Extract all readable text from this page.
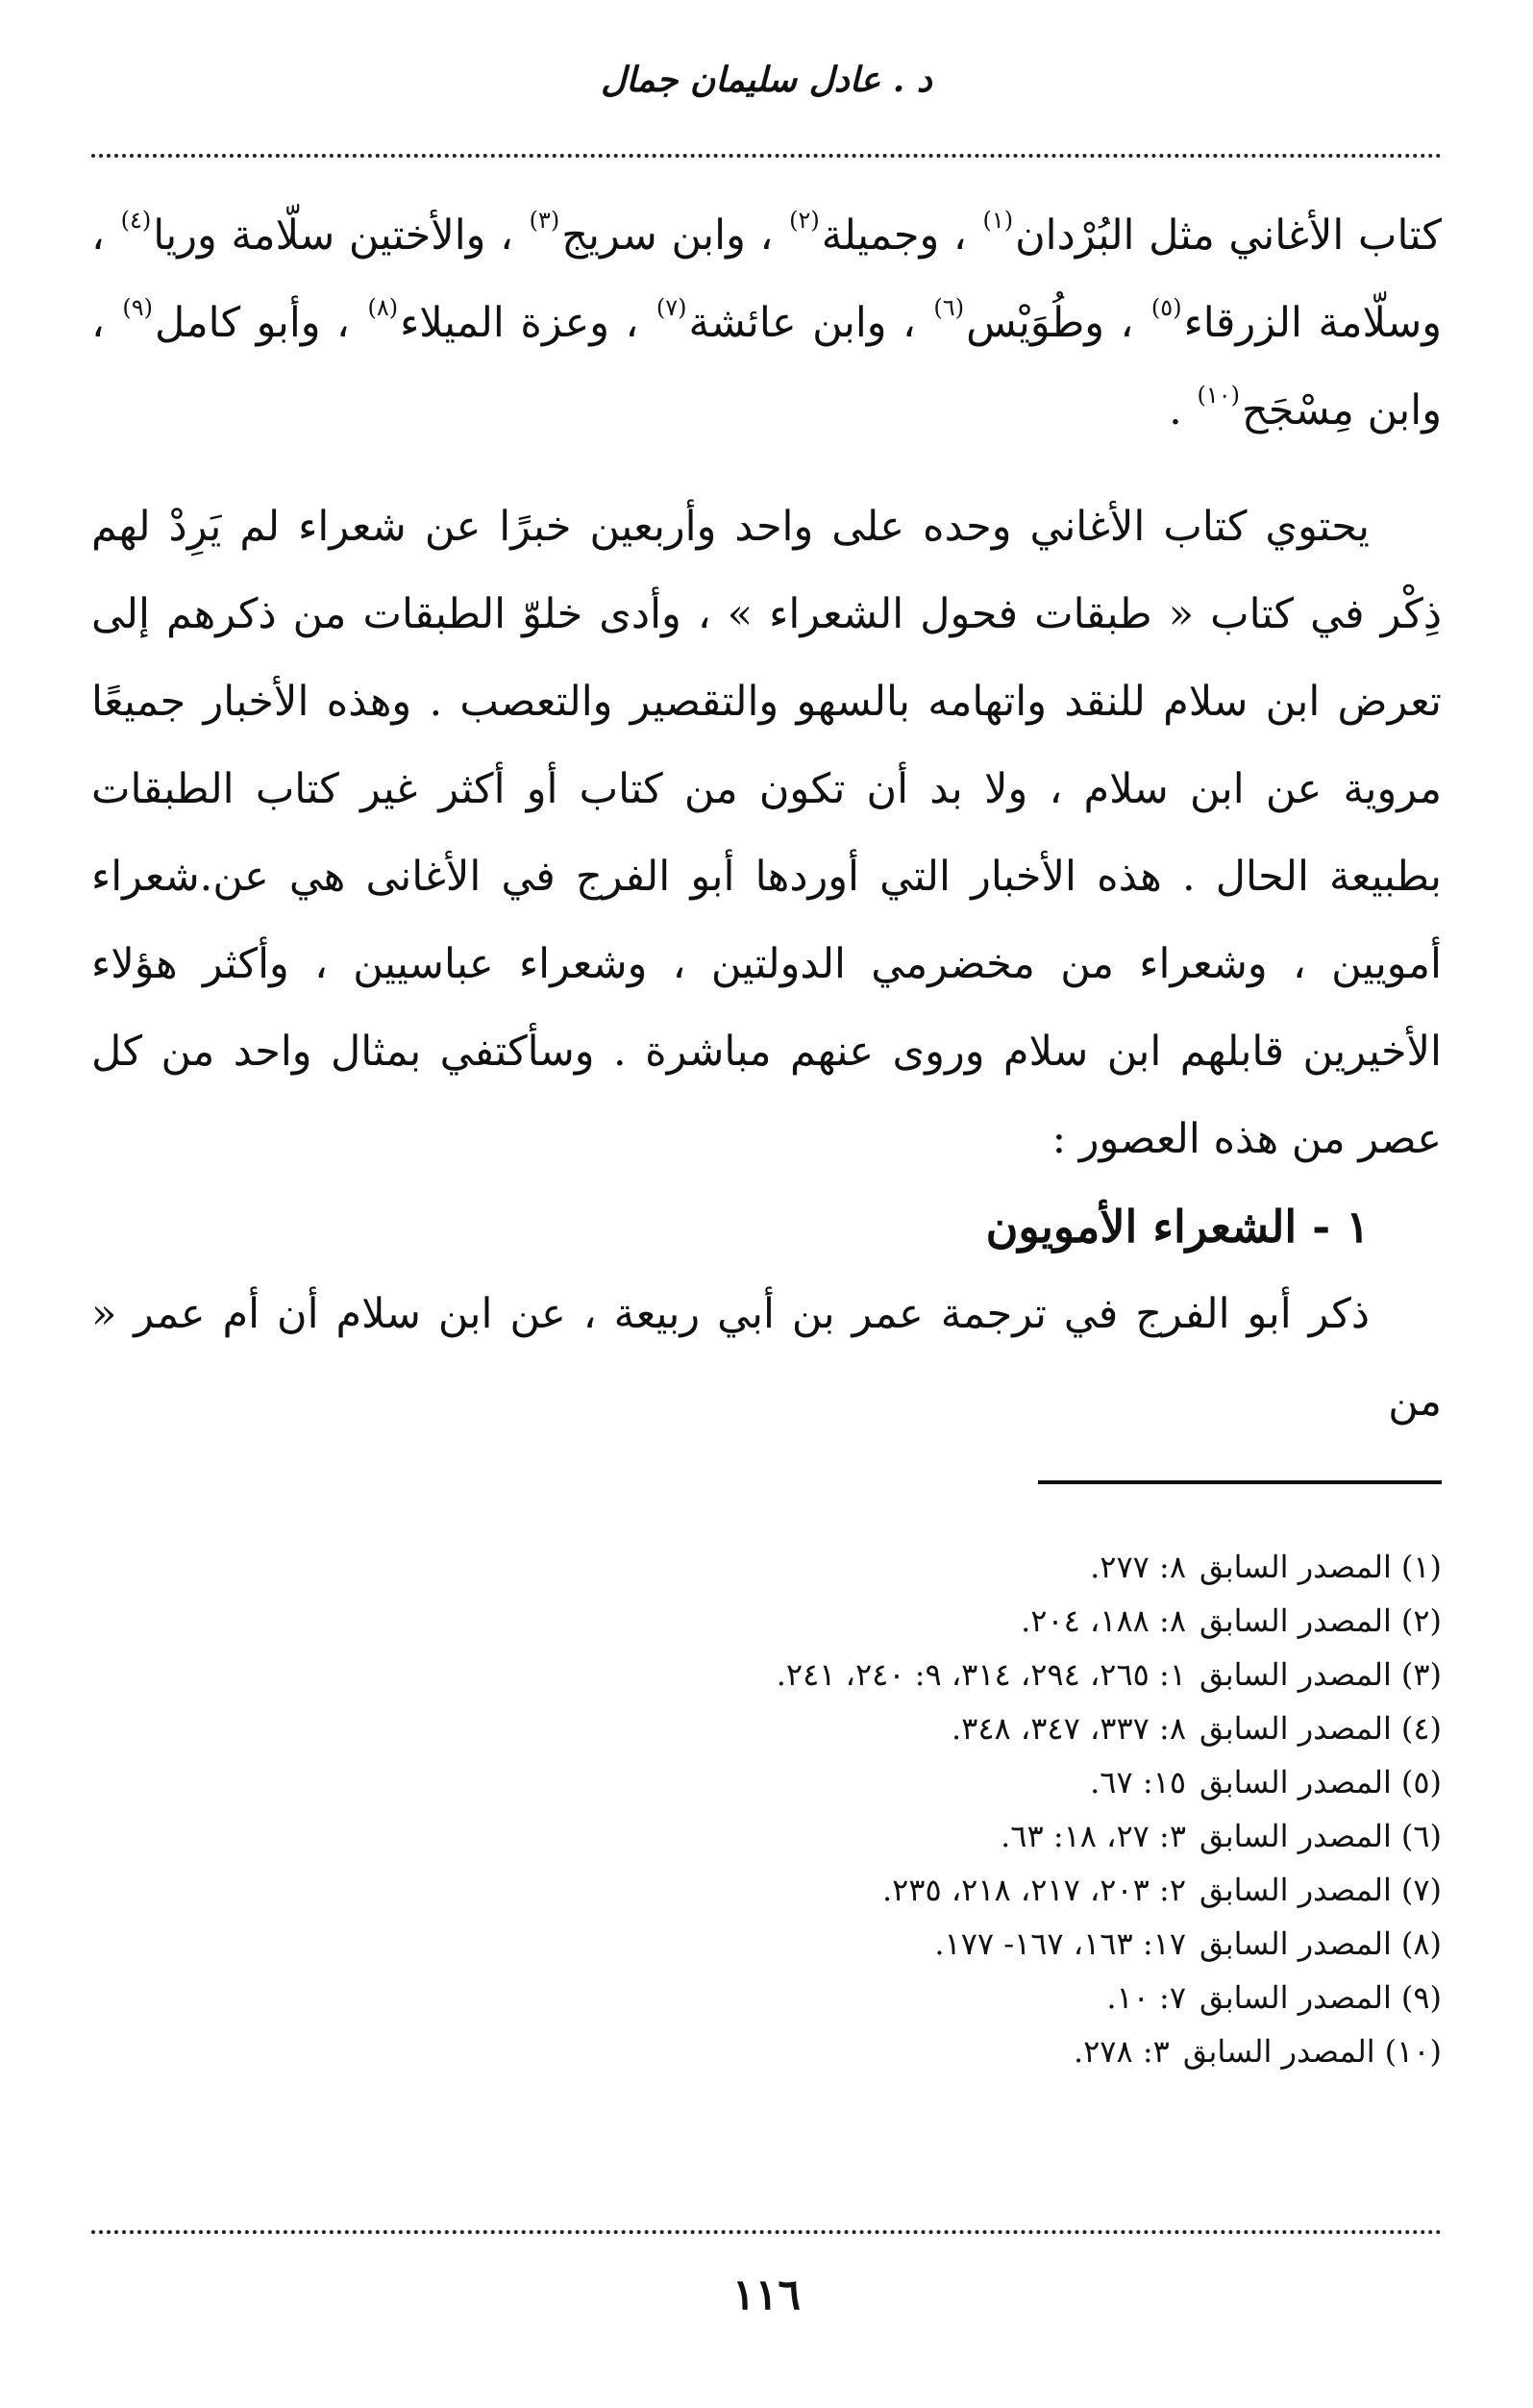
د . عادل سليمان جمال

كتاب الأغاني مثل البُرْدان$^{(١)}$ ، وجميلة$^{(٢)}$ ، وابن سريج$^{(٣)}$ ، والأختين سلّامة وريا$^{(٤)}$ ، وسلّامة الزرقاء$^{(٥)}$ ، وطُوَيْس$^{(٦)}$ ، وابن عائشة$^{(٧)}$ ، وعزة الميلاء$^{(٨)}$ ، وأبو كامل$^{(٩)}$ ، وابن مِسْجَح$^{(١٠)}$ .

يحتوي كتاب الأغاني وحده على واحد وأربعين خبرًا عن شعراء لم يَرِدْ لهم ذِكْر في كتاب « طبقات فحول الشعراء » ، وأدى خلوّ الطبقات من ذكرهم إلى تعرض ابن سلام للنقد واتهامه بالسهو والتقصير والتعصب . وهذه الأخبار جميعًا مروية عن ابن سلام ، ولا بد أن تكون من كتاب أو أكثر غير كتاب الطبقات بطبيعة الحال . هذه الأخبار التي أوردها أبو الفرج في الأغانى هي عن.شعراء أمويين ، وشعراء من مخضرمي الدولتين ، وشعراء عباسيين ، وأكثر هؤلاء الأخيرين قابلهم ابن سلام وروى عنهم مباشرة . وسأكتفي بمثال واحد من كل عصر من هذه العصور :

١ - الشعراء الأمويون

ذكر أبو الفرج في ترجمة عمر بن أبي ربيعة ، عن ابن سلام أن أم عمر « من

(١)المصدر السابق٨: ٢٧٧.
(٢)المصدر السابق٨: ١٨٨، ٢٠٤.
(٣)المصدر السابق١: ٢٦٥، ٢٩٤، ٣١٤، ٩: ٢٤٠، ٢٤١.
(٤)المصدر السابق٨: ٣٣٧، ٣٤٧، ٣٤٨.
(٥)المصدر السابق١٥: ٦٧.
(٦)المصدر السابق٣: ٢٧، ١٨: ٦٣.
(٧)المصدر السابق٢: ٢٠٣، ٢١٧، ٢١٨، ٢٣٥.
(٨)المصدر السابق١٧: ١٦٣، ١٦٧- ١٧٧.
(٩)المصدر السابق٧: ١٠.
(١٠)المصدر السابق٣: ٢٧٨.
١١٦
